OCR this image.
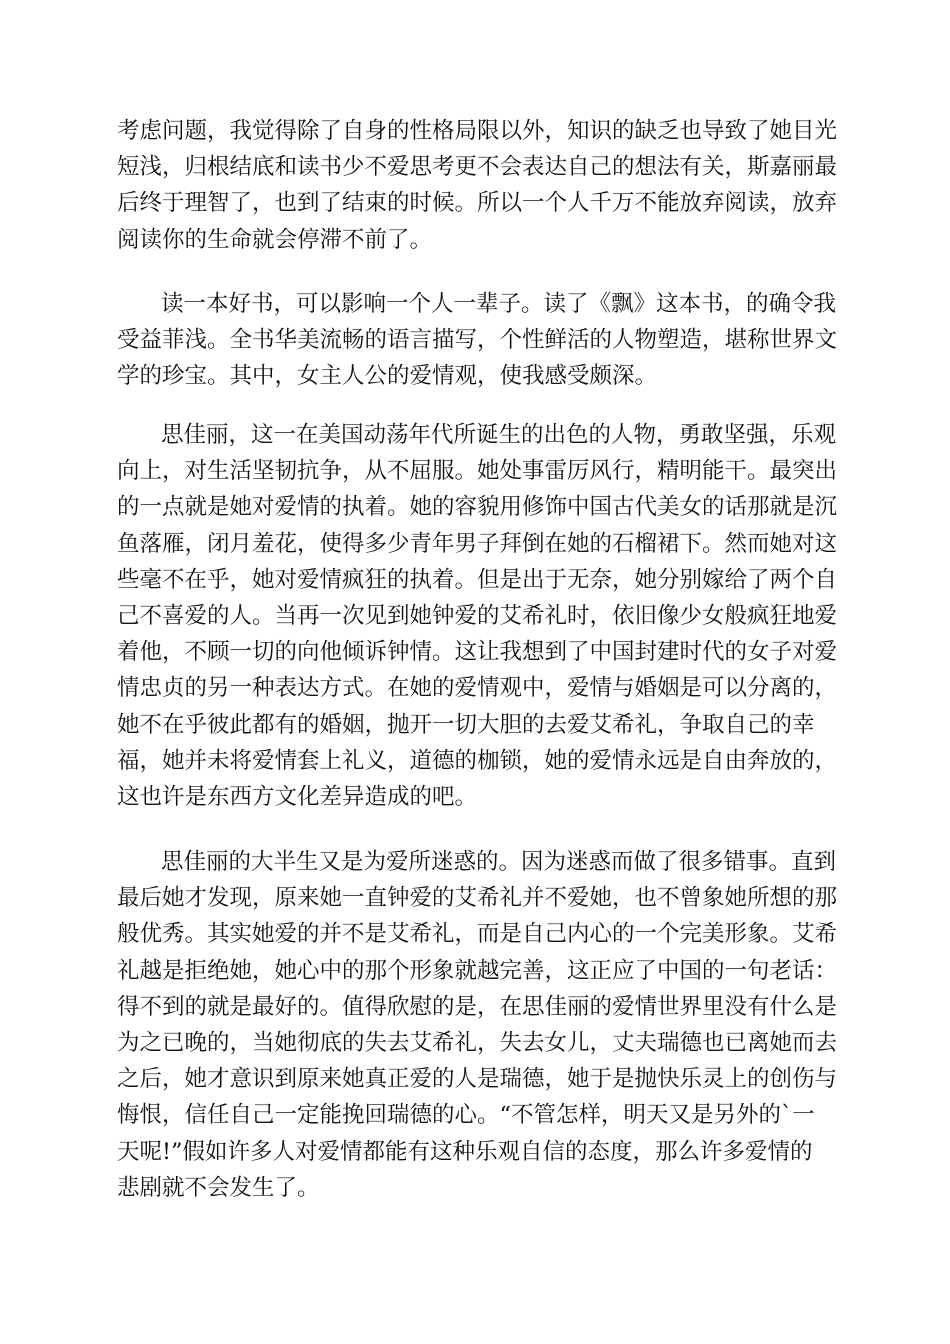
考虑问题，我觉得除了自身的性格局限以外，知识的缺乏也导致了她目光
短浅，归根结底和读书少不爱思考更不会表达自己的想法有关，斯嘉丽最
后终于理智了，也到了结束的时候。所以一个人千万不能放弃阅读，放弃
阅读你的生命就会停滞不前了。
读一本好书，可以影响一个人一辈子。读了《飘》这本书，的确令我
受益菲浅。全书华美流畅的语言描写，个性鲜活的人物塑造，堪称世界文
学的珍宝。其中，女主人公的爱情观，使我感受颇深。
思佳丽，这一在美国动荡年代所诞生的出色的人物，勇敢坚强，乐观
向上，对生活坚韧抗争，从不屈服。她处事雷厉风行，精明能干。最突出
的一点就是她对爱情的执着。她的容貌用修饰中国古代美女的话那就是沉
鱼落雁，闭月羞花，使得多少青年男子拜倒在她的石榴裙下。然而她对这
些毫不在乎，她对爱情疯狂的执着。但是出于无奈，她分别嫁给了两个自
己不喜爱的人。当再一次见到她钟爱的艾希礼时，依旧像少女般疯狂地爱
着他，不顾一切的向他倾诉钟情。这让我想到了中国封建时代的女子对爱
情忠贞的另一种表达方式。在她的爱情观中，爱情与婚姻是可以分离的，
她不在乎彼此都有的婚姻，抛开一切大胆的去爱艾希礼，争取自己的幸
福，她并未将爱情套上礼义，道德的枷锁，她的爱情永远是自由奔放的，
这也许是东西方文化差异造成的吧。
思佳丽的大半生又是为爱所迷惑的。因为迷惑而做了很多错事。直到
最后她才发现，原来她一直钟爱的艾希礼并不爱她，也不曾象她所想的那
般优秀。其实她爱的并不是艾希礼，而是自己内心的一个完美形象。艾希
礼越是拒绝她，她心中的那个形象就越完善，这正应了中国的一句老话：
得不到的就是最好的。值得欣慰的是，在思佳丽的爱情世界里没有什么是
为之已晚的，当她彻底的失去艾希礼，失去女儿，丈夫瑞德也已离她而去
之后，她才意识到原来她真正爱的人是瑞德，她于是抛快乐灵上的创伤与
悔恨，信任自己一定能挽回瑞德的心。“不管怎样，明天又是另外的`一
天呢!”假如许多人对爱情都能有这种乐观自信的态度，那么许多爱情的
悲剧就不会发生了。
